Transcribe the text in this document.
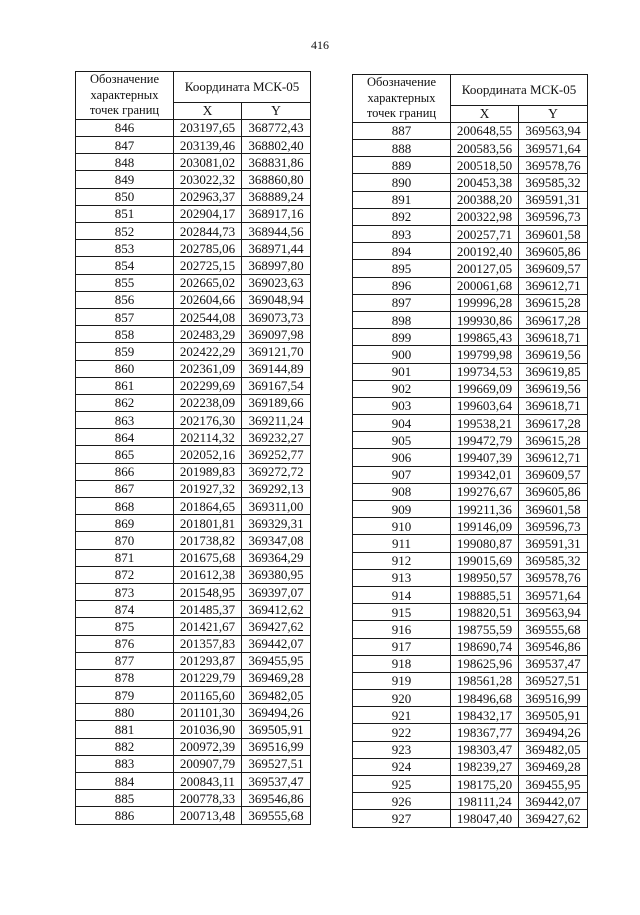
416
Обозначение характерных точек границ	Координата МСК-05	
	X	Y
846	203197,65	368772,43
847	203139,46	368802,40
848	203081,02	368831,86
849	203022,32	368860,80
850	202963,37	368889,24
851	202904,17	368917,16
852	202844,73	368944,56
853	202785,06	368971,44
854	202725,15	368997,80
855	202665,02	369023,63
856	202604,66	369048,94
857	202544,08	369073,73
858	202483,29	369097,98
859	202422,29	369121,70
860	202361,09	369144,89
861	202299,69	369167,54
862	202238,09	369189,66
863	202176,30	369211,24
864	202114,32	369232,27
865	202052,16	369252,77
866	201989,83	369272,72
867	201927,32	369292,13
868	201864,65	369311,00
869	201801,81	369329,31
870	201738,82	369347,08
871	201675,68	369364,29
872	201612,38	369380,95
873	201548,95	369397,07
874	201485,37	369412,62
875	201421,67	369427,62
876	201357,83	369442,07
877	201293,87	369455,95
878	201229,79	369469,28
879	201165,60	369482,05
880	201101,30	369494,26
881	201036,90	369505,91
882	200972,39	369516,99
883	200907,79	369527,51
884	200843,11	369537,47
885	200778,33	369546,86
886	200713,48	369555,68
Обозначение характерных точек границ	Координата МСК-05	
	X	Y
887	200648,55	369563,94
888	200583,56	369571,64
889	200518,50	369578,76
890	200453,38	369585,32
891	200388,20	369591,31
892	200322,98	369596,73
893	200257,71	369601,58
894	200192,40	369605,86
895	200127,05	369609,57
896	200061,68	369612,71
897	199996,28	369615,28
898	199930,86	369617,28
899	199865,43	369618,71
900	199799,98	369619,56
901	199734,53	369619,85
902	199669,09	369619,56
903	199603,64	369618,71
904	199538,21	369617,28
905	199472,79	369615,28
906	199407,39	369612,71
907	199342,01	369609,57
908	199276,67	369605,86
909	199211,36	369601,58
910	199146,09	369596,73
911	199080,87	369591,31
912	199015,69	369585,32
913	198950,57	369578,76
914	198885,51	369571,64
915	198820,51	369563,94
916	198755,59	369555,68
917	198690,74	369546,86
918	198625,96	369537,47
919	198561,28	369527,51
920	198496,68	369516,99
921	198432,17	369505,91
922	198367,77	369494,26
923	198303,47	369482,05
924	198239,27	369469,28
925	198175,20	369455,95
926	198111,24	369442,07
927	198047,40	369427,62
